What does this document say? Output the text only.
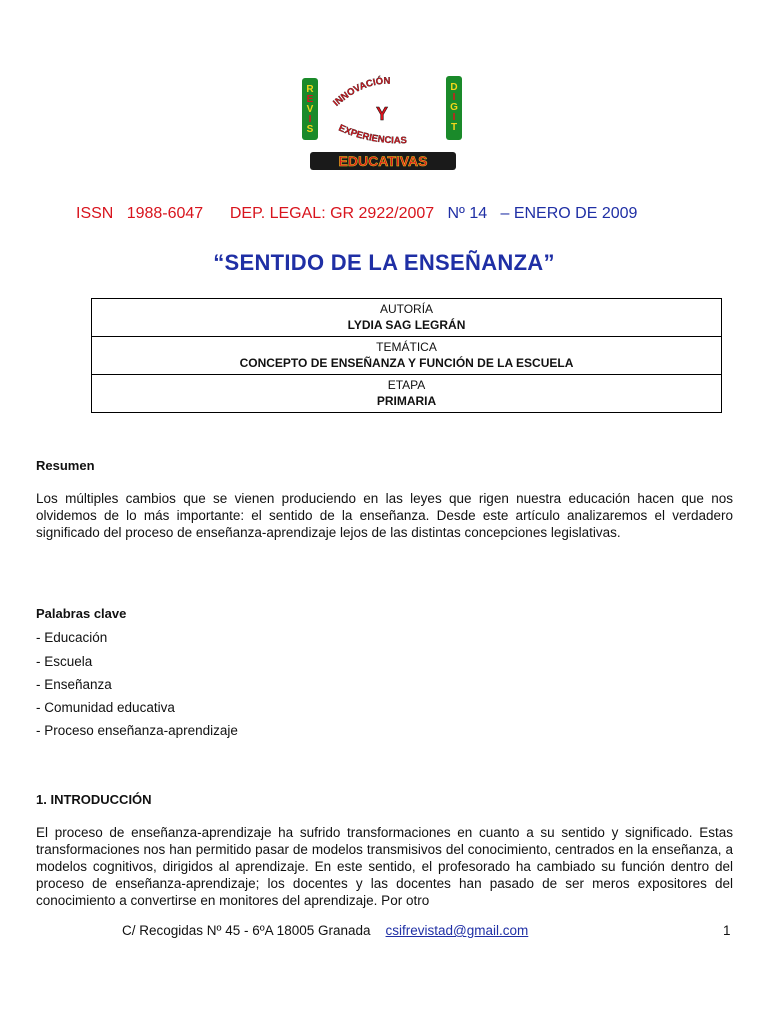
R
E
V
I
S
D
I
G
I
T
INNOVACIÓN
Y
EXPERIENCIAS
EDUCATIVAS
ISSN 1988-6047 DEP. LEGAL: GR 2922/2007 Nº 14 – ENERO DE 2009
“SENTIDO DE LA ENSEÑANZA”
AUTORÍA
LYDIA SAG LEGRÁN
TEMÁTICA
CONCEPTO DE ENSEÑANZA Y FUNCIÓN DE LA ESCUELA
ETAPA
PRIMARIA
Resumen
Los múltiples cambios que se vienen produciendo en las leyes que rigen nuestra educación hacen que nos olvidemos de lo más importante: el sentido de la enseñanza. Desde este artículo analizaremos el verdadero significado del proceso de enseñanza-aprendizaje lejos de las distintas concepciones legislativas.
Palabras clave
- Educación
- Escuela
- Enseñanza
- Comunidad educativa
- Proceso enseñanza-aprendizaje
1. INTRODUCCIÓN
El proceso de enseñanza-aprendizaje ha sufrido transformaciones en cuanto a su sentido y significado. Estas transformaciones nos han permitido pasar de modelos transmisivos del conocimiento, centrados en la enseñanza, a modelos cognitivos, dirigidos al aprendizaje. En este sentido, el profesorado ha cambiado su función dentro del proceso de enseñanza-aprendizaje; los docentes y las docentes han pasado de ser meros expositores del conocimiento a convertirse en monitores del aprendizaje. Por otro
C/ Recogidas Nº 45 - 6ºA 18005 Granada csifrevistad@gmail.com	1
